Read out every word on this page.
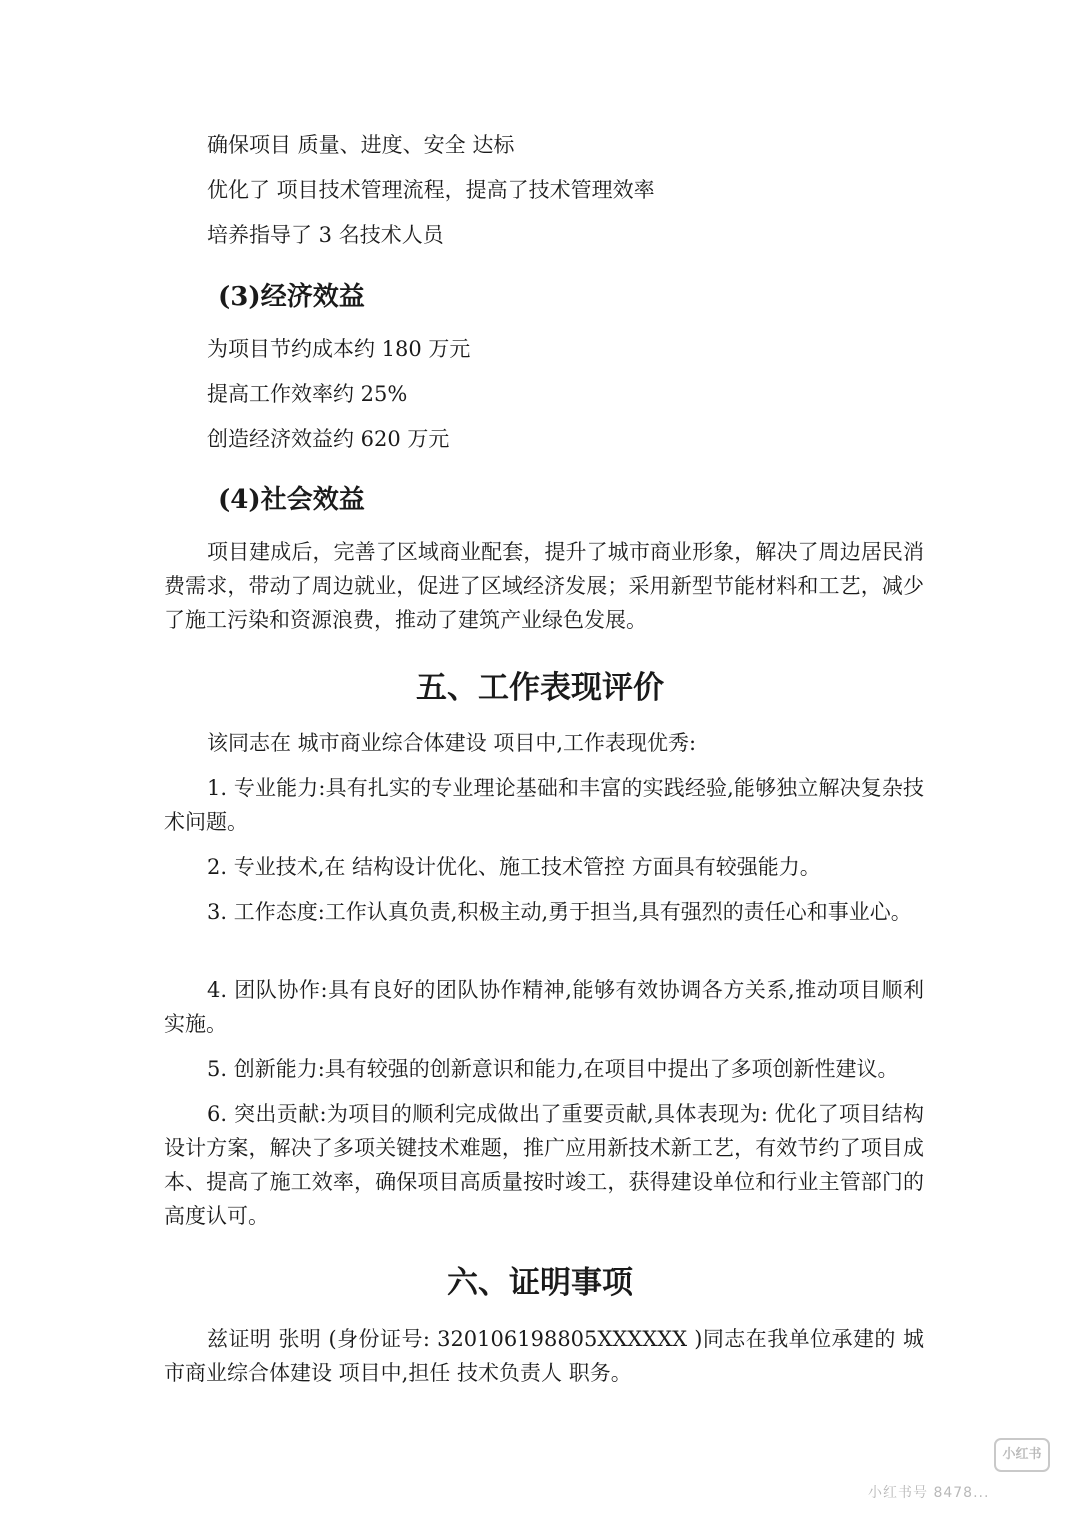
确保项目 质量、进度、安全 达标
优化了 项目技术管理流程，提高了技术管理效率
培养指导了 3 名技术人员
(3)经济效益
为项目节约成本约 180 万元
提高工作效率约 25%
创造经济效益约 620 万元
(4)社会效益

项目建成后，完善了区域商业配套，提升了城市商业形象，解决了周边居民消费需求，带动了周边就业，促进了区域经济发展；采用新型节能材料和工艺，减少了施工污染和资源浪费，推动了建筑产业绿色发展。

五、工作表现评价

该同志在 城市商业综合体建设 项目中,工作表现优秀:

1. 专业能力:具有扎实的专业理论基础和丰富的实践经验,能够独立解决复杂技术问题。

2. 专业技术,在 结构设计优化、施工技术管控 方面具有较强能力。

3. 工作态度:工作认真负责,积极主动,勇于担当,具有强烈的责任心和事业心。

4. 团队协作:具有良好的团队协作精神,能够有效协调各方关系,推动项目顺利实施。

5. 创新能力:具有较强的创新意识和能力,在项目中提出了多项创新性建议。

6. 突出贡献:为项目的顺利完成做出了重要贡献,具体表现为: 优化了项目结构设计方案，解决了多项关键技术难题，推广应用新技术新工艺，有效节约了项目成本、提高了施工效率，确保项目高质量按时竣工，获得建设单位和行业主管部门的高度认可。

六、证明事项

兹证明 张明 (身份证号: 320106198805XXXXXX )同志在我单位承建的 城市商业综合体建设 项目中,担任 技术负责人 职务。

小红书
小红书号 8478...
